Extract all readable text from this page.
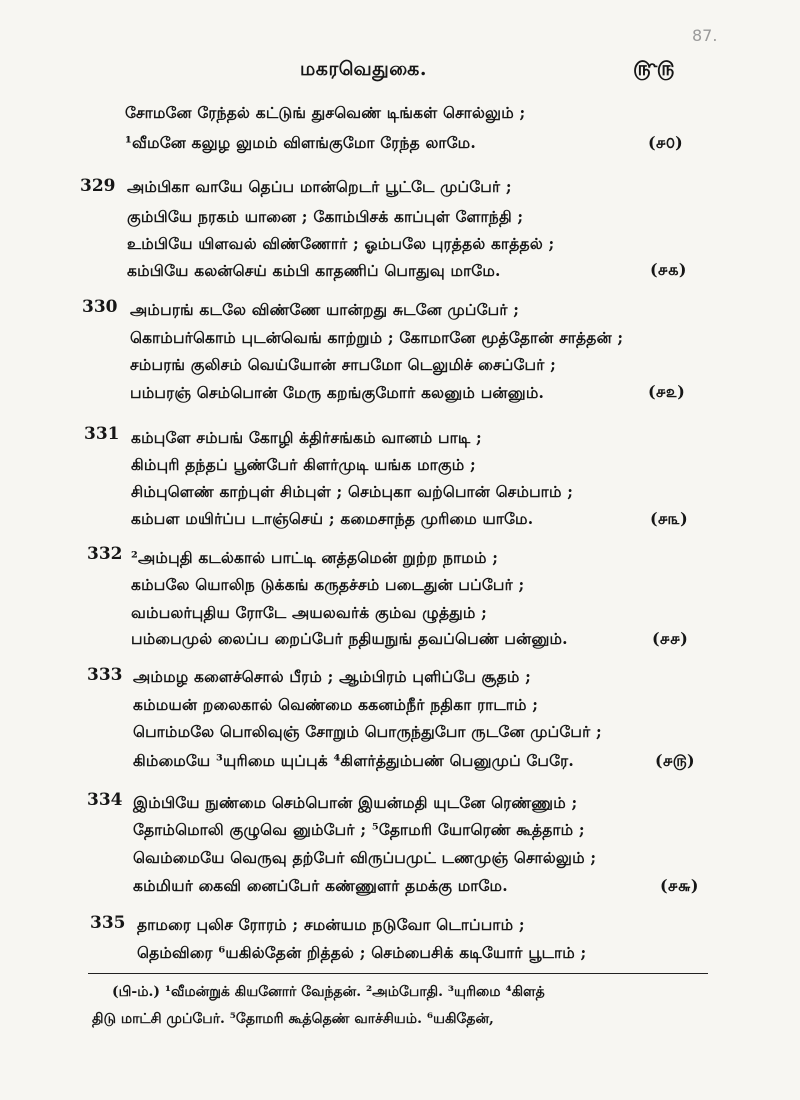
87.
மகரவெதுகை.	௹௫
சோமனே ரேந்தல் கட்டுங் துசவெண் டிங்கள் சொல்லும் ;
¹வீமனே கலுழ லுமம் விளங்குமோ ரேந்த லாமே.	(௪௦)
329 அம்பிகா வாயே தெப்ப மான்றெடர் பூட்டே முப்பேர் ;
கும்பியே நரகம் யானை ; கோம்பிசக் காப்புள் ளோந்தி ;
உம்பியே யிளவல் விண்ணோர் ; ஓம்பலே புரத்தல் காத்தல் ;
கம்பியே கலன்செய் கம்பி காதணிப் பொதுவு மாமே.	(௪௧)
330 அம்பரங் கடலே விண்ணே யான்றது சுடனே முப்பேர் ;
கொம்பர்கொம் புடன்வெங் காற்றும் ; கோமானே மூத்தோன் சாத்தன் ;
சம்பரங் குலிசம் வெய்யோன் சாபமோ டெலுமிச் சைப்பேர் ;
பம்பரஞ் செம்பொன் மேரு கறங்குமோர் கலனும் பன்னும்.	(௪௨)
331 கம்புளே சம்பங் கோழி க்திர்சங்கம் வானம் பாடி ;
கிம்புரி தந்தப் பூண்பேர் கிளர்முடி யங்க மாகும் ;
சிம்புளெண் காற்புள் சிம்புள் ; செம்புகா வற்பொன் செம்பாம் ;
கம்பள மயிர்ப்ப டாஞ்செய் ; கமைசாந்த முரிமை யாமே.	(௪௩)
332 ²அம்புதி கடல்கால் பாட்டி னத்தமென் றுற்ற நாமம் ;
கம்பலே யொலிந டுக்கங் கருதச்சம் படைதுன் பப்பேர் ;
வம்பலர்புதிய ரோடே அயலவர்க் கும்வ ழுத்தும் ;
பம்பைமுல் லைப்ப றைப்பேர் நதியநுங் தவப்பெண் பன்னும்.	(௪௪)
333 அம்மழ களைச்சொல் பீரம் ; ஆம்பிரம் புளிப்பே சூதம் ;
கம்மயன் றலைகால் வெண்மை ககனம்நீர் நதிகா ராடாம் ;
பொம்மலே பொலிவுஞ் சோறும் பொருந்துபோ ருடனே முப்பேர் ;
கிம்மையே ³யுரிமை யுப்புக் ⁴கிளர்த்தும்பண் பெனுமுப் பேரே.	(௪௫)
334 இம்பியே நுண்மை செம்பொன் இயன்மதி யுடனே ரெண்ணும் ;
தோம்மொலி குழுவெ னும்பேர் ; ⁵தோமரி யோரெண் கூத்தாம் ;
வெம்மையே வெருவு தற்பேர் விருப்பமுட் டணமுஞ் சொல்லும் ;
கம்மியர் கைவி னைப்பேர் கண்ணுளர் தமக்கு மாமே.	(௪௬)
335 தாமரை புலிச ரோரம் ; சமன்யம நடுவோ டொப்பாம் ;
தெம்விரை ⁶யகில்தேன் றித்தல் ; செம்பைசிக் கடியோர் பூடாம் ;
(பி-ம்.) ¹வீமன்றுக் கியனோர் வேந்தன். ²அம்போதி. ³யுரிமை ⁴கிளத்
திடு மாட்சி முப்பேர். ⁵தோமரி கூத்தெண் வாச்சியம். ⁶யகிதேன்,
